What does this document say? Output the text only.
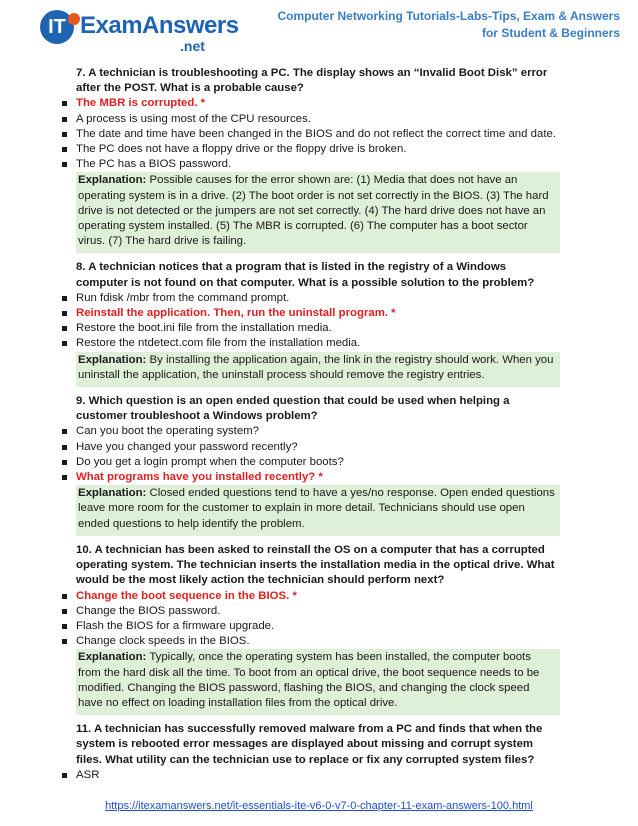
IT ExamAnswers
.net
Computer Networking Tutorials-Labs-Tips, Exam & Answers
for Student & Beginners
7. A technician is troubleshooting a PC. The display shows an “Invalid Boot Disk” error after the POST. What is a probable cause?
The MBR is corrupted. *
A process is using most of the CPU resources.
The date and time have been changed in the BIOS and do not reflect the correct time and date.
The PC does not have a floppy drive or the floppy drive is broken.
The PC has a BIOS password.
Explanation: Possible causes for the error shown are: (1) Media that does not have an operating system is in a drive. (2) The boot order is not set correctly in the BIOS. (3) The hard drive is not detected or the jumpers are not set correctly. (4) The hard drive does not have an operating system installed. (5) The MBR is corrupted. (6) The computer has a boot sector virus. (7) The hard drive is failing.
8. A technician notices that a program that is listed in the registry of a Windows computer is not found on that computer. What is a possible solution to the problem?
Run fdisk /mbr from the command prompt.
Reinstall the application. Then, run the uninstall program. *
Restore the boot.ini file from the installation media.
Restore the ntdetect.com file from the installation media.
Explanation: By installing the application again, the link in the registry should work. When you uninstall the application, the uninstall process should remove the registry entries.
9. Which question is an open ended question that could be used when helping a customer troubleshoot a Windows problem?
Can you boot the operating system?
Have you changed your password recently?
Do you get a login prompt when the computer boots?
What programs have you installed recently? *
Explanation: Closed ended questions tend to have a yes/no response. Open ended questions leave more room for the customer to explain in more detail. Technicians should use open ended questions to help identify the problem.
10. A technician has been asked to reinstall the OS on a computer that has a corrupted operating system. The technician inserts the installation media in the optical drive. What would be the most likely action the technician should perform next?
Change the boot sequence in the BIOS. *
Change the BIOS password.
Flash the BIOS for a firmware upgrade.
Change clock speeds in the BIOS.
Explanation: Typically, once the operating system has been installed, the computer boots from the hard disk all the time. To boot from an optical drive, the boot sequence needs to be modified. Changing the BIOS password, flashing the BIOS, and changing the clock speed have no effect on loading installation files from the optical drive.
11. A technician has successfully removed malware from a PC and finds that when the system is rebooted error messages are displayed about missing and corrupt system files. What utility can the technician use to replace or fix any corrupted system files?
ASR
https://itexamanswers.net/it-essentials-ite-v6-0-v7-0-chapter-11-exam-answers-100.html
